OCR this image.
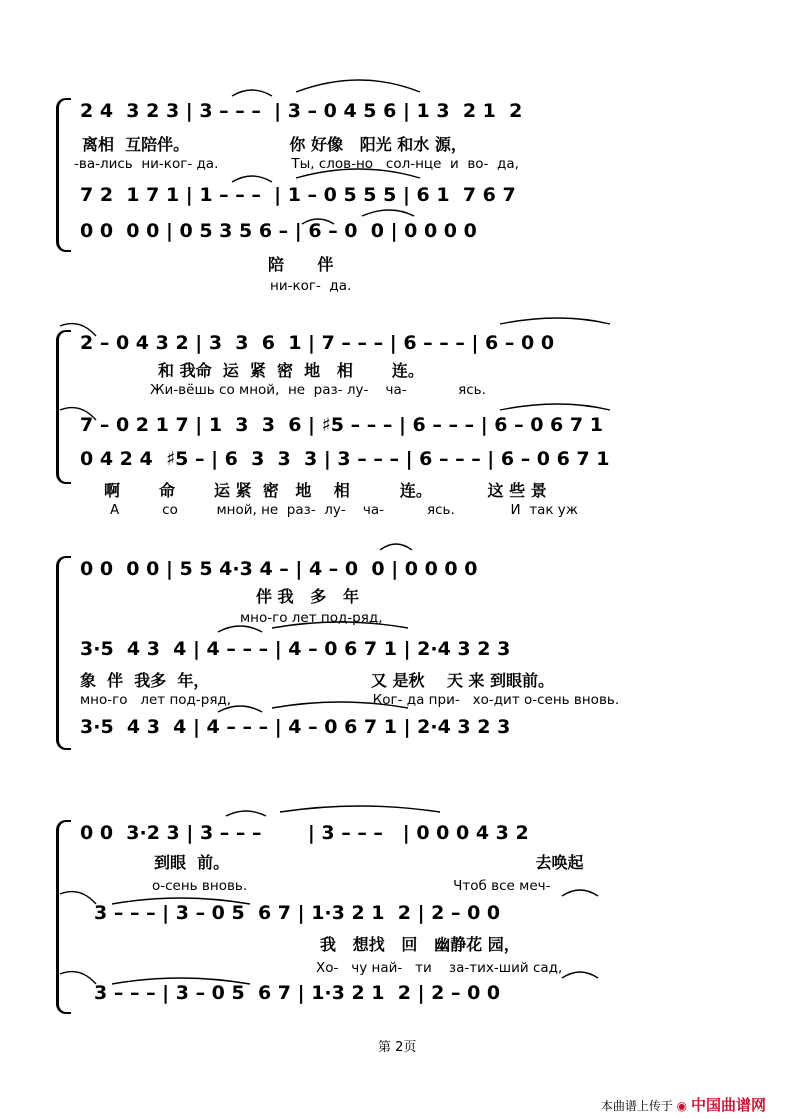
2 4  3 2 3 | 3 – – –  | 3 – 0 4 5 6 | 1 3  2 1  2
离相  互陪伴。                  你 好像   阳光 和水 源，
-ва-лись  ни-ког- да.                 Ты, слов-но   сол-нце  и  во-  да,
7 2  1 7 1 | 1 – – –  | 1 – 0 5 5 5 | 6 1  7 6 7
0 0  0 0 | 0 5 3 5 6 – | 6 – 0  0 | 0 0 0 0
陪      伴
ни-ког-  да.
2 – 0 4 3 2 | 3  3  6  1 | 7 – – – | 6 – – – | 6 – 0 0
和 我命  运  紧  密  地   相       连。
Жи-вёшь со мной,  не  раз- лу-    ча-            ясь.
7 – 0 2 1 7 | 1  3  3  6 | ♯5 – – – | 6 – – – | 6 – 0 6 7 1
0 4 2 4  ♯5 – | 6  3  3  3 | 3 – – – | 6 – – – | 6 – 0 6 7 1
啊       命       运 紧  密   地    相         连。          这 些 景
А          со         мной, не  раз-  лу-    ча-          ясь.             И  так уж
0 0  0 0 | 5 5 4·3 4 – | 4 – 0  0 | 0 0 0 0
伴 我   多   年
мно-го лет под-ряд,
3·5  4 3  4 | 4 – – – | 4 – 0 6 7 1 | 2·4 3 2 3
象  伴  我多  年，                             又 是秋    天 来 到眼前。
мно-го   лет под-ряд,                                 Ког- да при-   хо-дит о-сень вновь.
3·5  4 3  4 | 4 – – – | 4 – 0 6 7 1 | 2·4 3 2 3
0 0  3·2 3 | 3 – – –       | 3 – – –   | 0 0 0 4 3 2
到眼  前。                                                       去唤起
о-сень вновь.                                                Чтоб все меч-
3 – – – | 3 – 0 5  6 7 | 1·3 2 1  2 | 2 – 0 0
我   想找   回   幽静花 园，
Хо-   чу най-   ти    за-тих-ший сад,
3 – – – | 3 – 0 5  6 7 | 1·3 2 1  2 | 2 – 0 0
第 2页
本曲谱上传于 ◉ 中国曲谱网
